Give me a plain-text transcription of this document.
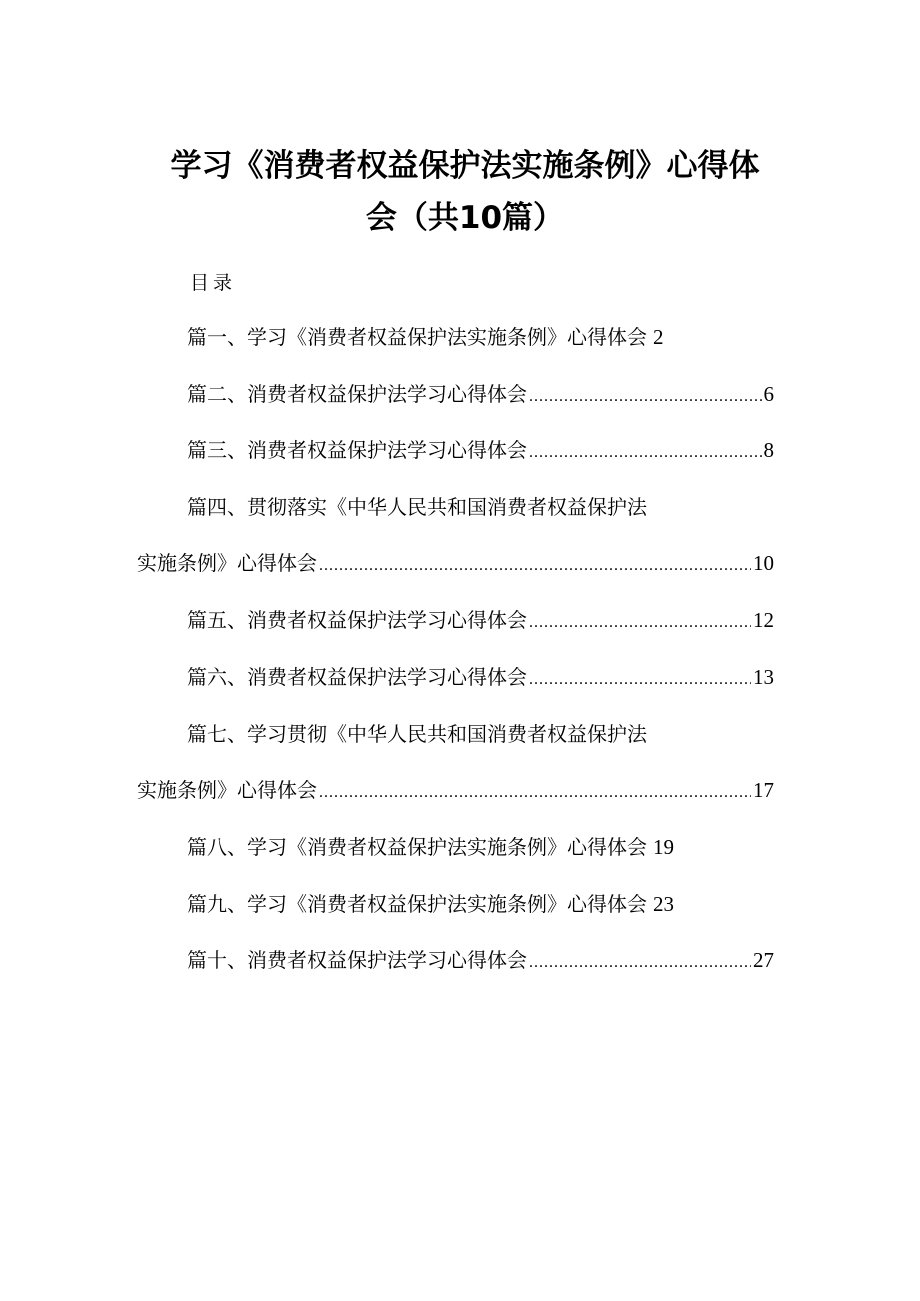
学习《消费者权益保护法实施条例》心得体
会（共10篇）
目录
篇一、学习《消费者权益保护法实施条例》心得体会 2
篇二、消费者权益保护法学习心得体会 .....	6
篇三、消费者权益保护法学习心得体会 .....	8
篇四、贯彻落实《中华人民共和国消费者权益保护法
实施条例》心得体会 .....	10
篇五、消费者权益保护法学习心得体会 .....	12
篇六、消费者权益保护法学习心得体会 .....	13
篇七、学习贯彻《中华人民共和国消费者权益保护法
实施条例》心得体会 .....	17
篇八、学习《消费者权益保护法实施条例》心得体会 19
篇九、学习《消费者权益保护法实施条例》心得体会 23
篇十、消费者权益保护法学习心得体会 .....	27
